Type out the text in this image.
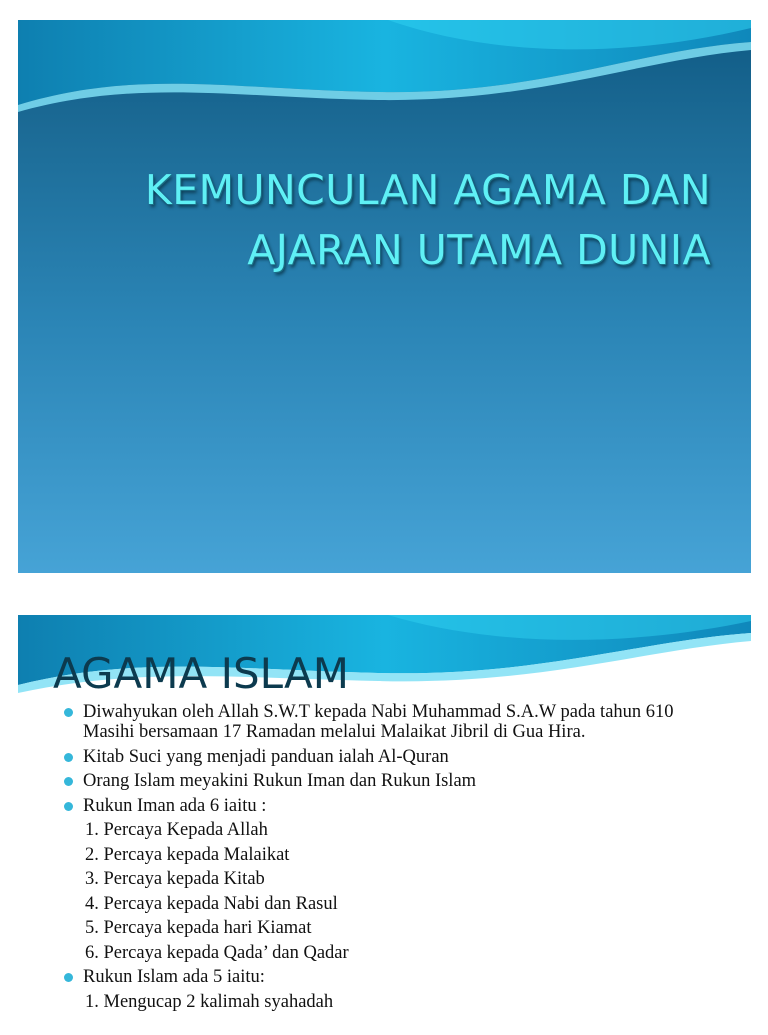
KEMUNCULAN AGAMA DAN
AJARAN UTAMA DUNIA
AGAMA ISLAM
Diwahyukan oleh Allah S.W.T kepada Nabi Muhammad S.A.W pada tahun 610 Masihi bersamaan 17 Ramadan melalui Malaikat Jibril di Gua Hira.
Kitab Suci yang menjadi panduan ialah Al-Quran
Orang Islam meyakini Rukun Iman dan Rukun Islam
Rukun Iman ada 6 iaitu :
1. Percaya Kepada Allah
2. Percaya kepada Malaikat
3. Percaya kepada Kitab
4. Percaya kepada Nabi dan Rasul
5. Percaya kepada hari Kiamat
6. Percaya kepada Qada’ dan Qadar
Rukun Islam ada 5 iaitu:
1. Mengucap 2 kalimah syahadah
